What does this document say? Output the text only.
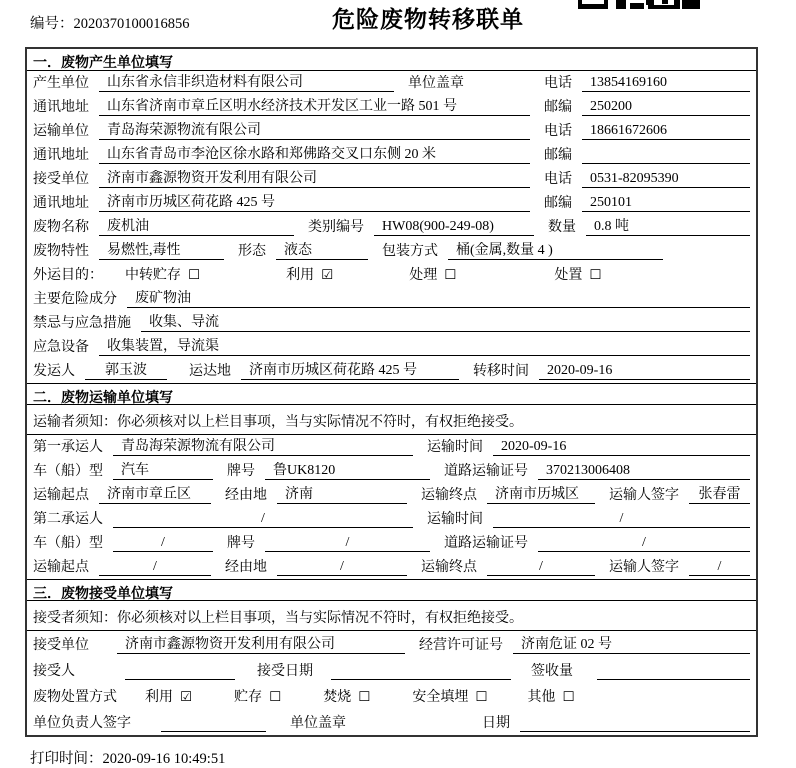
编号：2020370100016856	危险废物转移联单
一．废物产生单位填写
产生单位	山东省永信非织造材料有限公司	单位盖章	电话	13854169160
通讯地址	山东省济南市章丘区明水经济技术开发区工业一路 501 号	邮编	250200
运输单位	青岛海荣源物流有限公司	电话	18661672606
通讯地址	山东省青岛市李沧区徐水路和郑佛路交叉口东侧 20 米	邮编
接受单位	济南市鑫源物资开发利用有限公司	电话	0531-82095390
通讯地址	济南市历城区荷花路 425 号	邮编	250101
废物名称	废机油	类别编号	HW08(900-249-08)	数量	0.8 吨
废物特性	易燃性,毒性	形态	液态	包装方式	桶(金属,数量 4 )
外运目的： 中转贮存 ☐	利用 ☑	处理 ☐	处置 ☐
主要危险成分	废矿物油
禁忌与应急措施	收集、导流
应急设备	收集装置，导流渠
发运人	郭玉波	运达地	济南市历城区荷花路 425 号	转移时间	2020-09-16
二．废物运输单位填写
运输者须知：你必须核对以上栏目事项，当与实际情况不符时，有权拒绝接受。
第一承运人	青岛海荣源物流有限公司	运输时间	2020-09-16
车（船）型	汽车	牌号	鲁UK8120	道路运输证号	370213006408
运输起点	济南市章丘区	经由地	济南	运输终点	济南市历城区	运输人签字	张春雷
第二承运人	/	运输时间	/
车（船）型	/	牌号	/	道路运输证号	/
运输起点	/	经由地	/	运输终点	/	运输人签字	/
三．废物接受单位填写
接受者须知：你必须核对以上栏目事项，当与实际情况不符时，有权拒绝接受。
接受单位	济南市鑫源物资开发利用有限公司	经营许可证号	济南危证 02 号
接受人	接受日期	签收量
废物处置方式 利用 ☑	贮存 ☐	焚烧 ☐	安全填埋 ☐	其他 ☐
单位负责人签字	单位盖章	日期
打印时间：2020-09-16 10:49:51
